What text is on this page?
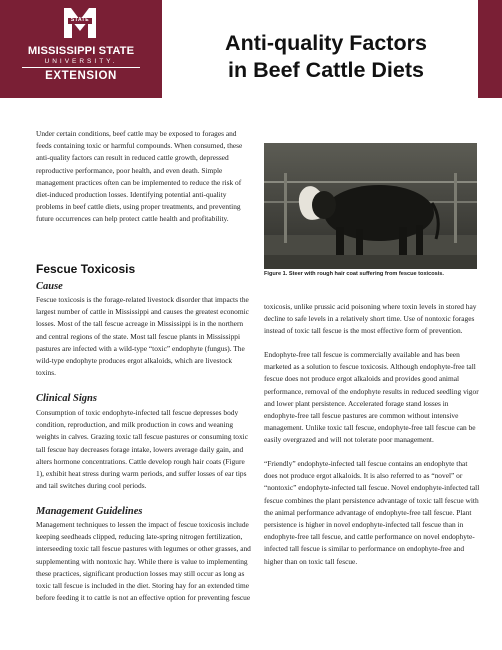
STATE
MISSISSIPPI STATE
UNIVERSITY.
EXTENSION
Anti-quality Factors
in Beef Cattle Diets
Under certain conditions, beef cattle may be exposed to forages and feeds containing toxic or harmful compounds. When consumed, these anti-quality factors can result in reduced cattle growth, depressed reproductive performance, poor health, and even death. Simple management practices often can be implemented to reduce the risk of diet-induced production losses. Identifying potential anti-quality problems in beef cattle diets, using proper treatments, and preventing future occurrences can help protect cattle health and profitability.
Fescue Toxicosis
Cause
Fescue toxicosis is the forage-related livestock disorder that impacts the largest number of cattle in Mississippi and causes the greatest economic losses. Most of the tall fescue acreage in Mississippi is in the northern and central regions of the state. Most tall fescue plants in Mississippi pastures are infected with a wild-type “toxic” endophyte (fungus). The wild-type endophyte produces ergot alkaloids, which are livestock toxins.
Clinical Signs
Consumption of toxic endophyte-infected tall fescue depresses body condition, reproduction, and milk production in cows and weaning weights in calves. Grazing toxic tall fescue pastures or consuming toxic tall fescue hay decreases forage intake, lowers average daily gain, and alters hormone concentrations. Cattle develop rough hair coats (Figure 1), exhibit heat stress during warm periods, and suffer losses of ear tips and tail switches during cool periods.
Management Guidelines
Management techniques to lessen the impact of fescue toxicosis include keeping seedheads clipped, reducing late-spring nitrogen fertilization, interseeding toxic tall fescue pastures with legumes or other grasses, and supplementing with nontoxic hay. While there is value to implementing these practices, significant production losses may still occur as long as toxic tall fescue is included in the diet. Storing hay for an extended time before feeding it to cattle is not an effective option for preventing fescue
Figure 1. Steer with rough hair coat suffering from fescue toxicosis.
toxicosis, unlike prussic acid poisoning where toxin levels in stored hay decline to safe levels in a relatively short time. Use of nontoxic forages instead of toxic tall fescue is the most effective form of prevention.
Endophyte-free tall fescue is commercially available and has been marketed as a solution to fescue toxicosis. Although endophyte-free tall fescue does not produce ergot alkaloids and provides good animal performance, removal of the endophyte results in reduced seedling vigor and lower plant persistence. Accelerated forage stand losses in endophyte-free tall fescue pastures are common without intensive management. Unlike toxic tall fescue, endophyte-free tall fescue can be easily overgrazed and will not tolerate poor management.
“Friendly” endophyte-infected tall fescue contains an endophyte that does not produce ergot alkaloids. It is also referred to as “novel” or “nontoxic” endophyte-infected tall fescue. Novel endophyte-infected tall fescue combines the plant persistence advantage of toxic tall fescue with the animal performance advantage of endophyte-free tall fescue. Plant persistence is higher in novel endophyte-infected tall fescue than in endophyte-free tall fescue, and cattle performance on novel endophyte-infected tall fescue is similar to performance on endophyte-free and higher than on toxic tall fescue.
